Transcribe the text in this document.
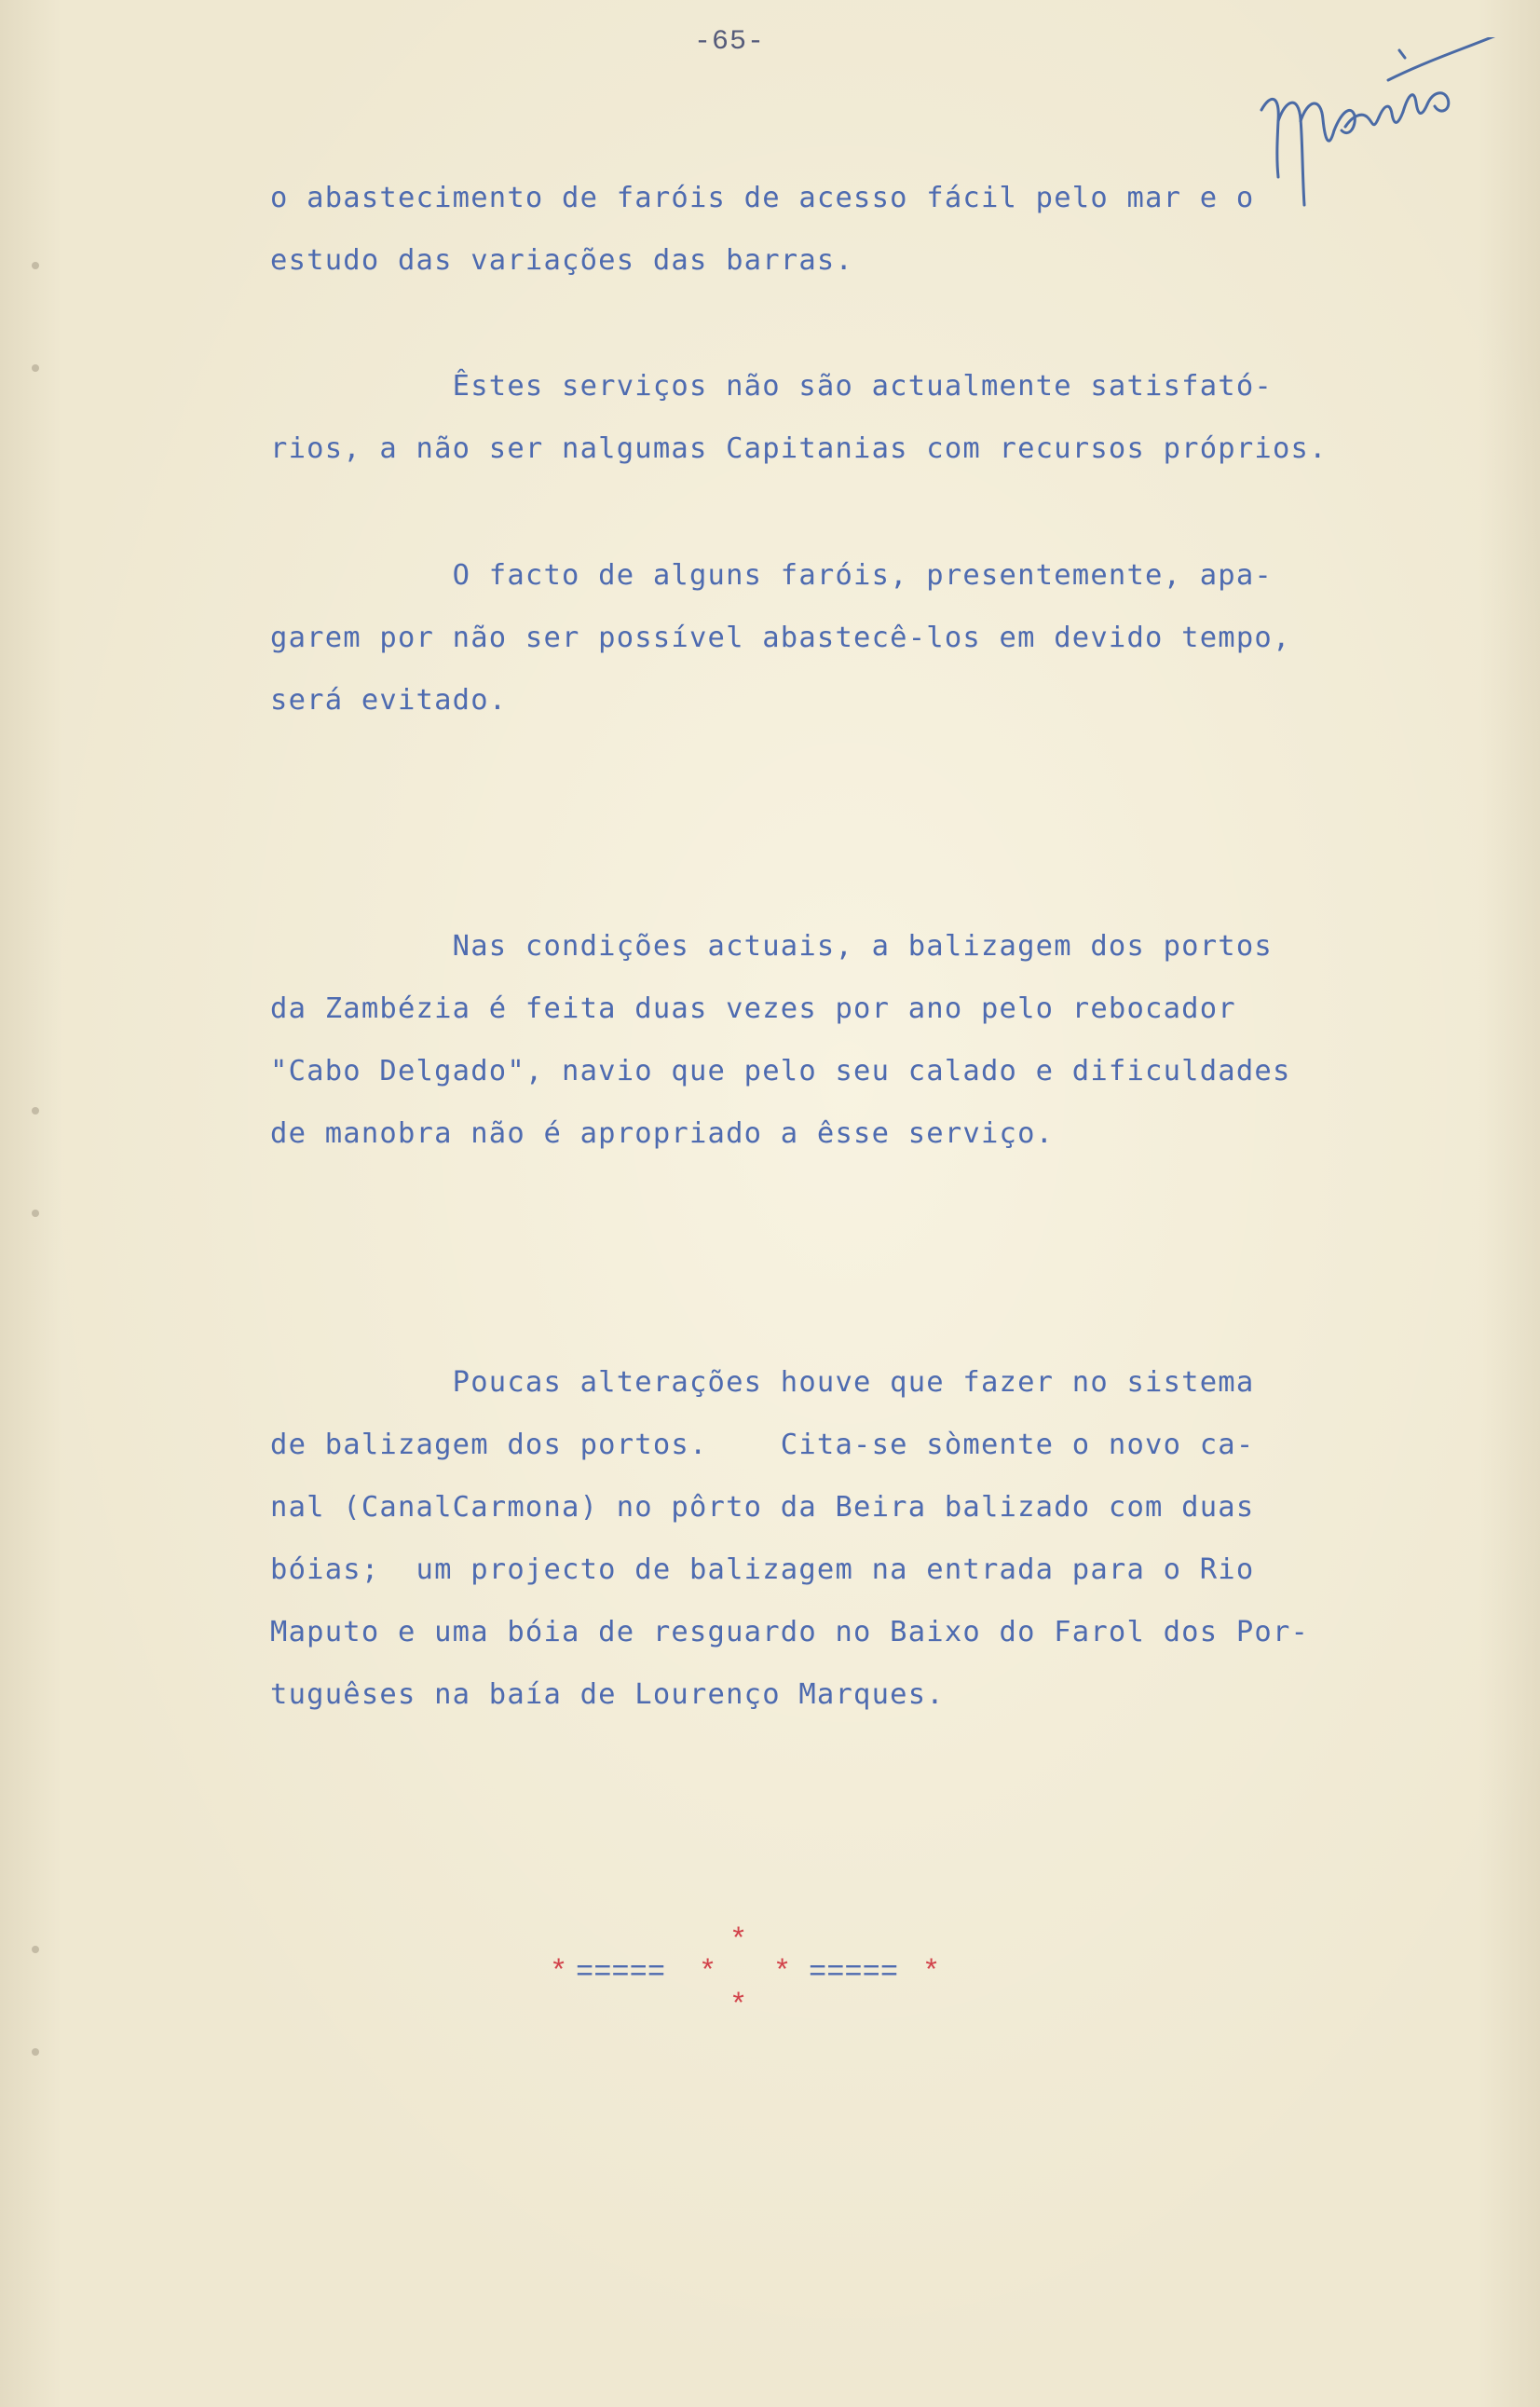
-65-
o abastecimento de faróis de acesso fácil pelo mar e o
estudo das variações das barras.
Êstes serviços não são actualmente satisfató-
rios, a não ser nalgumas Capitanias com recursos próprios.
O facto de alguns faróis, presentemente, apa-
garem por não ser possível abastecê-los em devido tempo,
será evitado.
Nas condições actuais, a balizagem dos portos
da Zambézia é feita duas vezes por ano pelo rebocador
"Cabo Delgado", navio que pelo seu calado e dificuldades
de manobra não é apropriado a êsse serviço.
Poucas alterações houve que fazer no sistema
de balizagem dos portos.    Cita-se sòmente o novo ca-
nal (CanalCarmona) no pôrto da Beira balizado com duas
bóias;  um projecto de balizagem na entrada para o Rio
Maputo e uma bóia de resguardo no Baixo do Farol dos Por-
tuguêses na baía de Lourenço Marques.
*
* ===== * * ===== *
*
